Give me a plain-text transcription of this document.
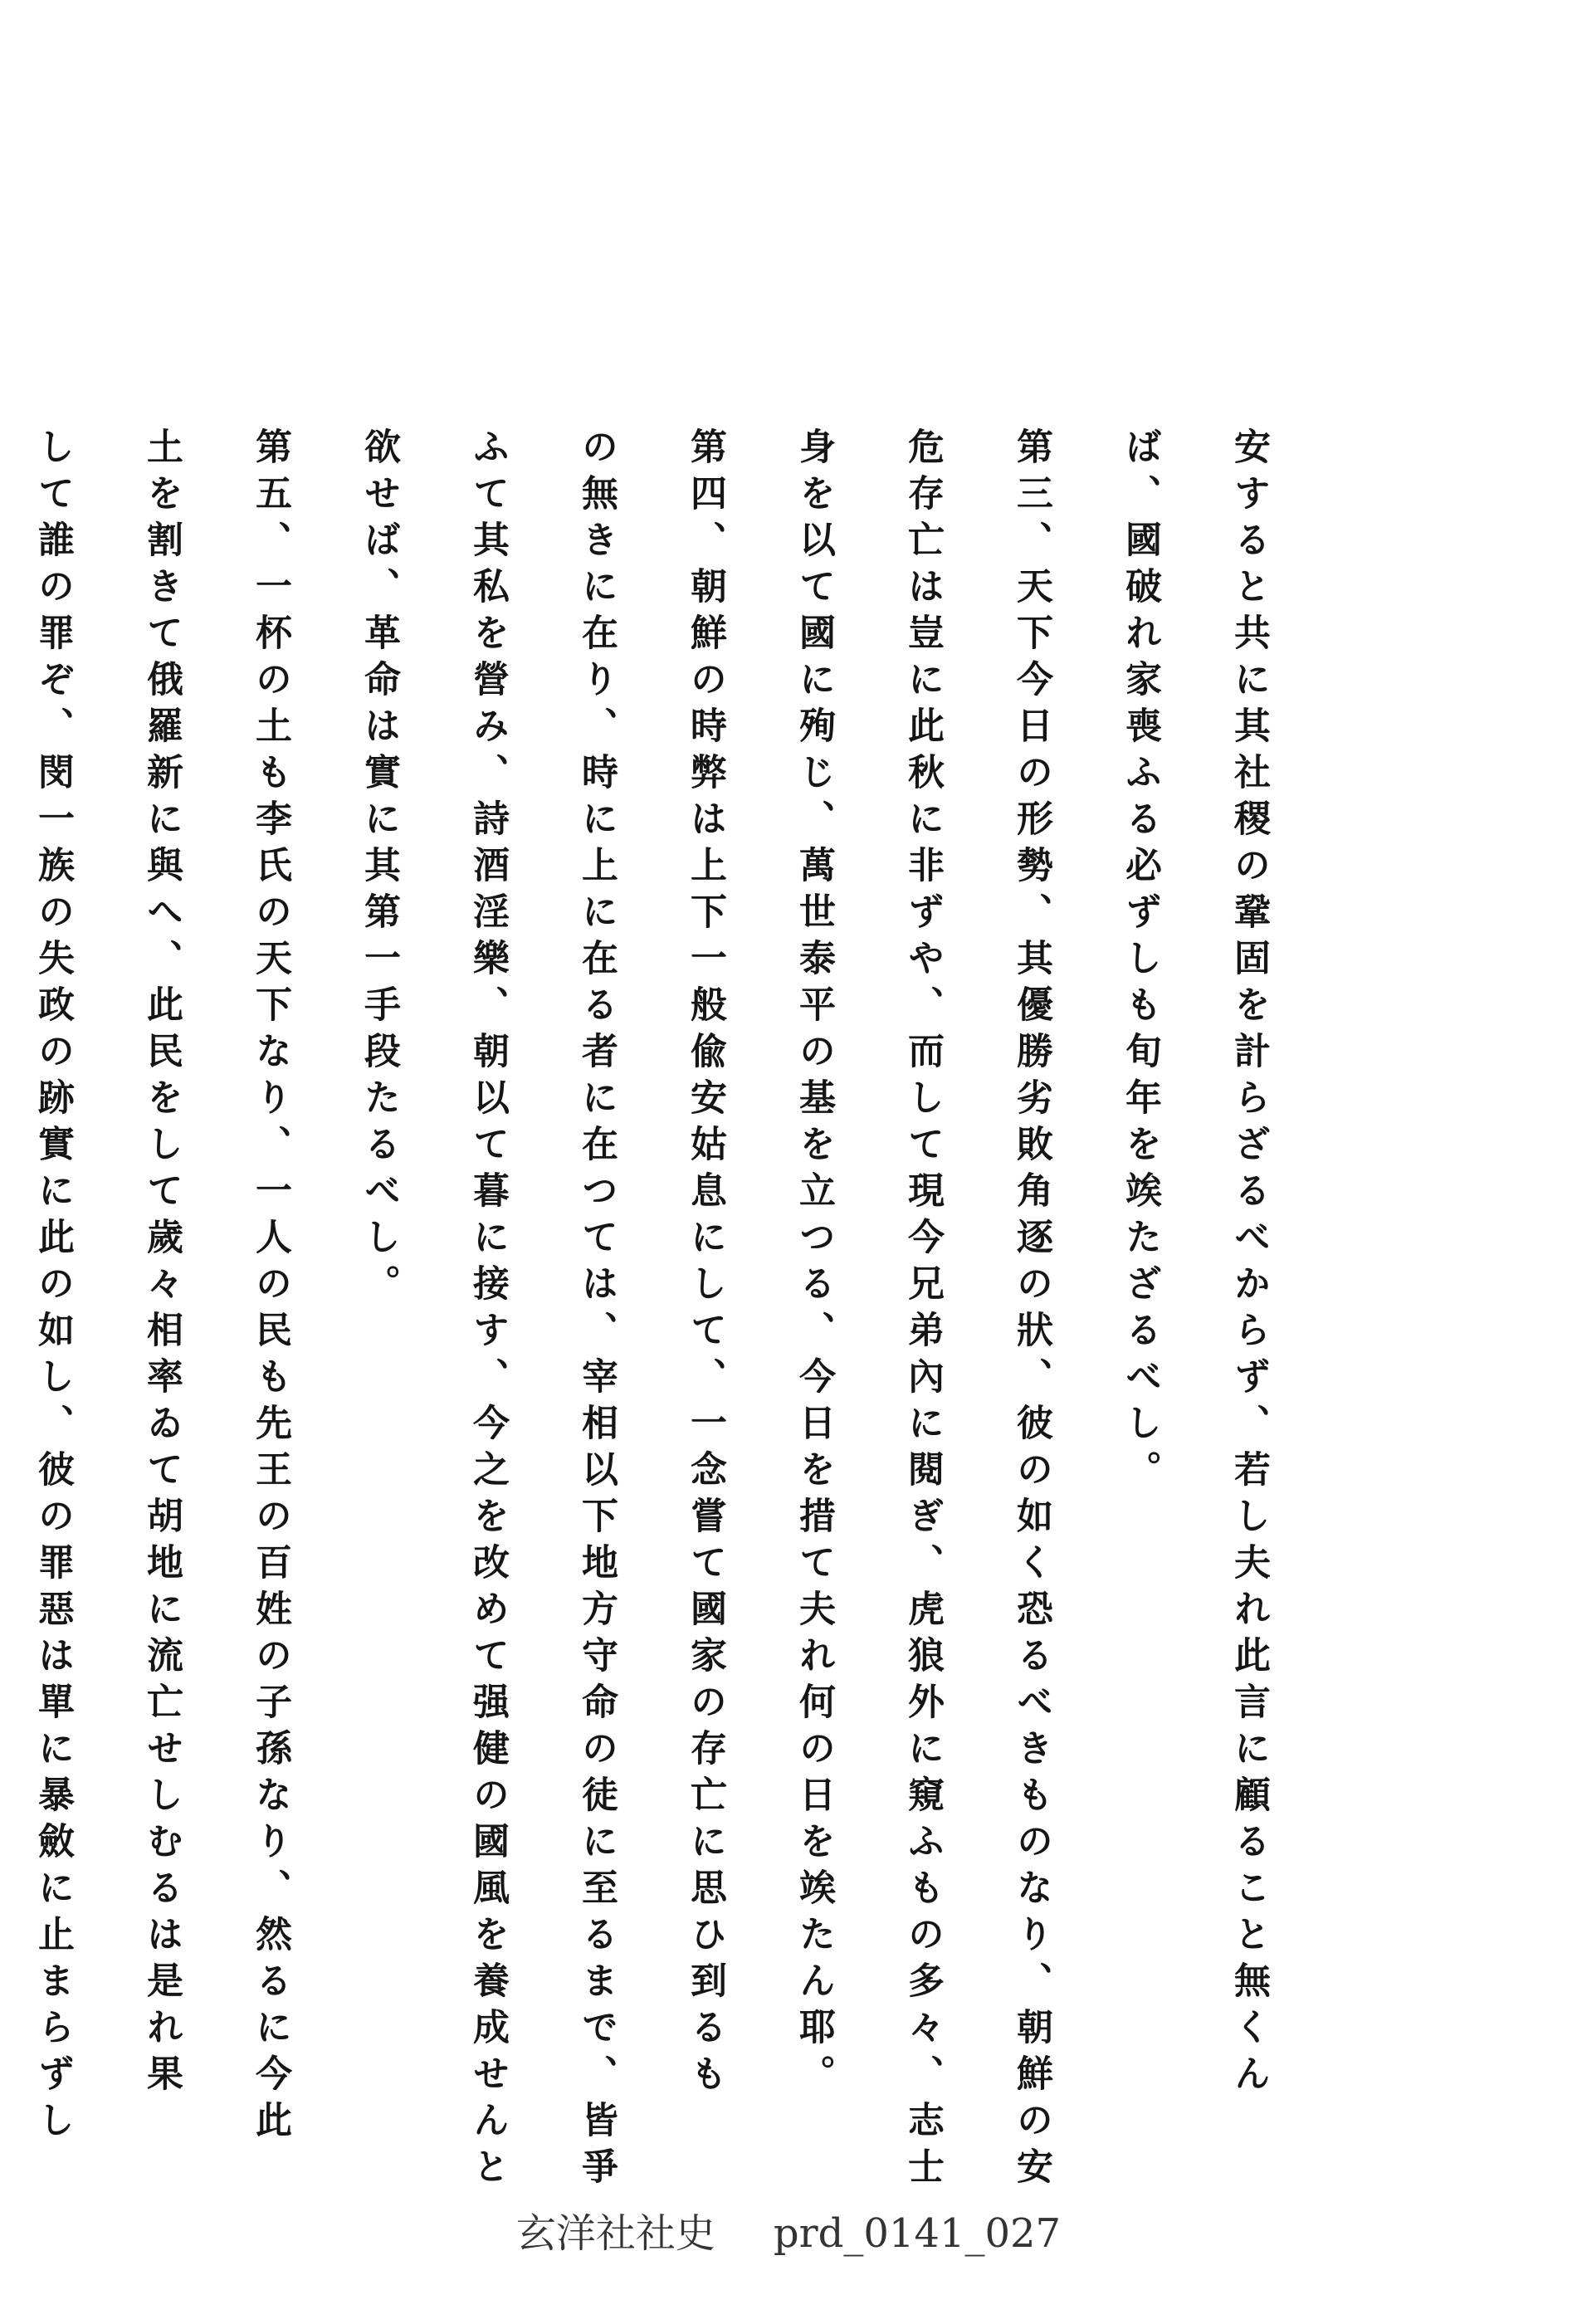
安すると共に其社稷の鞏固を計らざるべからず、若し夫れ此言に顧ること無くん
ば、國破れ家喪ふる必ずしも旬年を竢たざるべし。
第三、天下今日の形勢、其優勝劣敗角逐の狀、彼の如く恐るべきものなり、朝鮮の安
危存亡は豈に此秋に非ずや、而して現今兄弟內に閱ぎ、虎狼外に窺ふもの多々、志士
身を以て國に殉じ、萬世泰平の基を立つる、今日を措て夫れ何の日を竢たん耶。
第四、朝鮮の時弊は上下一般偸安姑息にして、一念嘗て國家の存亡に思ひ到るも
の無きに在り、時に上に在る者に在つては、宰相以下地方守命の徒に至るまで、皆爭
ふて其私を營み、詩酒淫樂、朝以て暮に接す、今之を改めて强健の國風を養成せんと
欲せば、革命は實に其第一手段たるべし。
第五、一杯の土も李氏の天下なり、一人の民も先王の百姓の子孫なり、然るに今此
土を割きて俄羅新に與へ、此民をして歲々相率ゐて胡地に流亡せしむるは是れ果
して誰の罪ぞ、閔一族の失政の跡實に此の如し、彼の罪惡は單に暴斂に止まらずし
玄洋社社史 prd_0141_027
